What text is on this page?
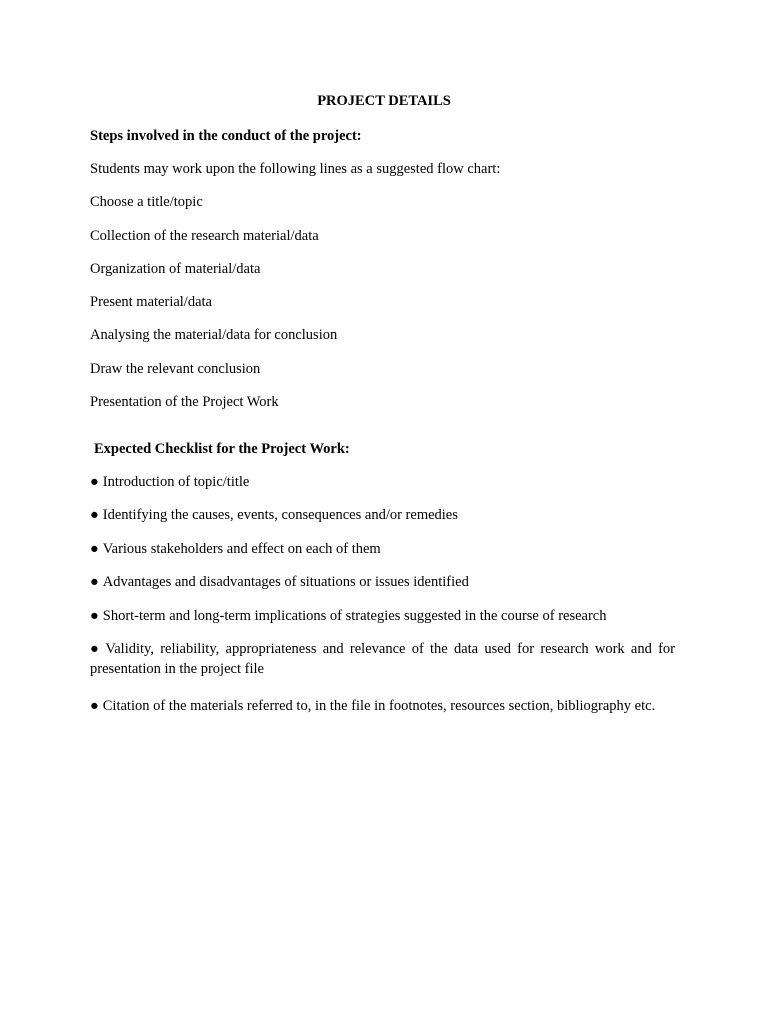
PROJECT DETAILS
Steps involved in the conduct of the project:
Students may work upon the following lines as a suggested flow chart:
Choose a title/topic
Collection of the research material/data
Organization of material/data
Present material/data
Analysing the material/data for conclusion
Draw the relevant conclusion
Presentation of the Project Work
Expected Checklist for the Project Work:
● Introduction of topic/title
● Identifying the causes, events, consequences and/or remedies
● Various stakeholders and effect on each of them
● Advantages and disadvantages of situations or issues identified
● Short-term and long-term implications of strategies suggested in the course of research
● Validity, reliability, appropriateness and relevance of the data used for research work and for presentation in the project file
● Citation of the materials referred to, in the file in footnotes, resources section, bibliography etc.
